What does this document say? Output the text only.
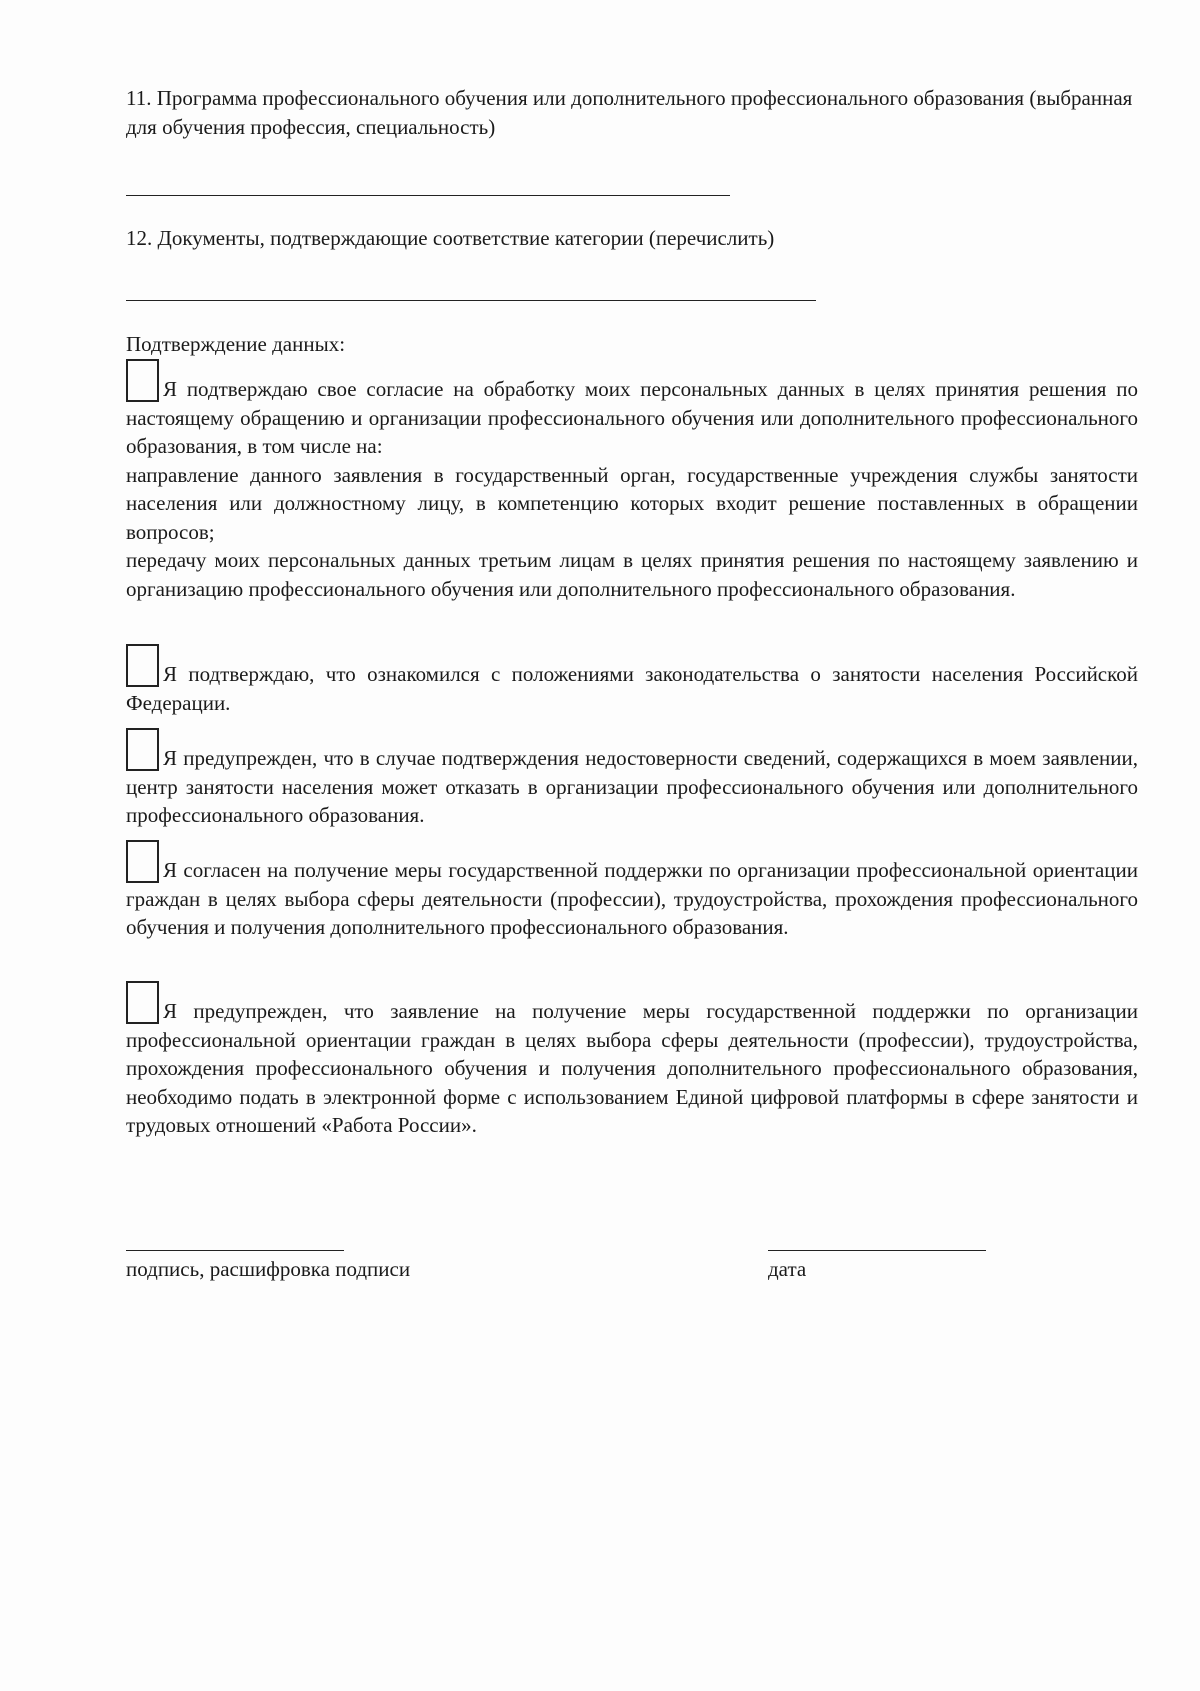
11. Программа профессионального обучения или дополнительного профессионального образования (выбранная для обучения профессия, специальность)

12. Документы, подтверждающие соответствие категории (перечислить)

Подтверждение данных:

Я подтверждаю свое согласие на обработку моих персональных данных в целях принятия решения по настоящему обращению и организации профессионального обучения или дополнительного профессионального образования, в том числе на:
направление данного заявления в государственный орган, государственные учреждения службы занятости населения или должностному лицу, в компетенцию которых входит решение поставленных в обращении вопросов;
передачу моих персональных данных третьим лицам в целях принятия решения по настоящему заявлению и организацию профессионального обучения или дополнительного профессионального образования.
Я подтверждаю, что ознакомился с положениями законодательства о занятости населения Российской Федерации.
Я предупрежден, что в случае подтверждения недостоверности сведений, содержащихся в моем заявлении, центр занятости населения может отказать в организации профессионального обучения или дополнительного профессионального образования.
Я согласен на получение меры государственной поддержки по организации профессиональной ориентации граждан в целях выбора сферы деятельности (профессии), трудоустройства, прохождения профессионального обучения и получения дополнительного профессионального образования.
Я предупрежден, что заявление на получение меры государственной поддержки по организации профессиональной ориентации граждан в целях выбора сферы деятельности (профессии), трудоустройства, прохождения профессионального обучения и получения дополнительного профессионального образования, необходимо подать в электронной форме с использованием Единой цифровой платформы в сфере занятости и трудовых отношений «Работа России».
подпись, расшифровка подписи	дата
